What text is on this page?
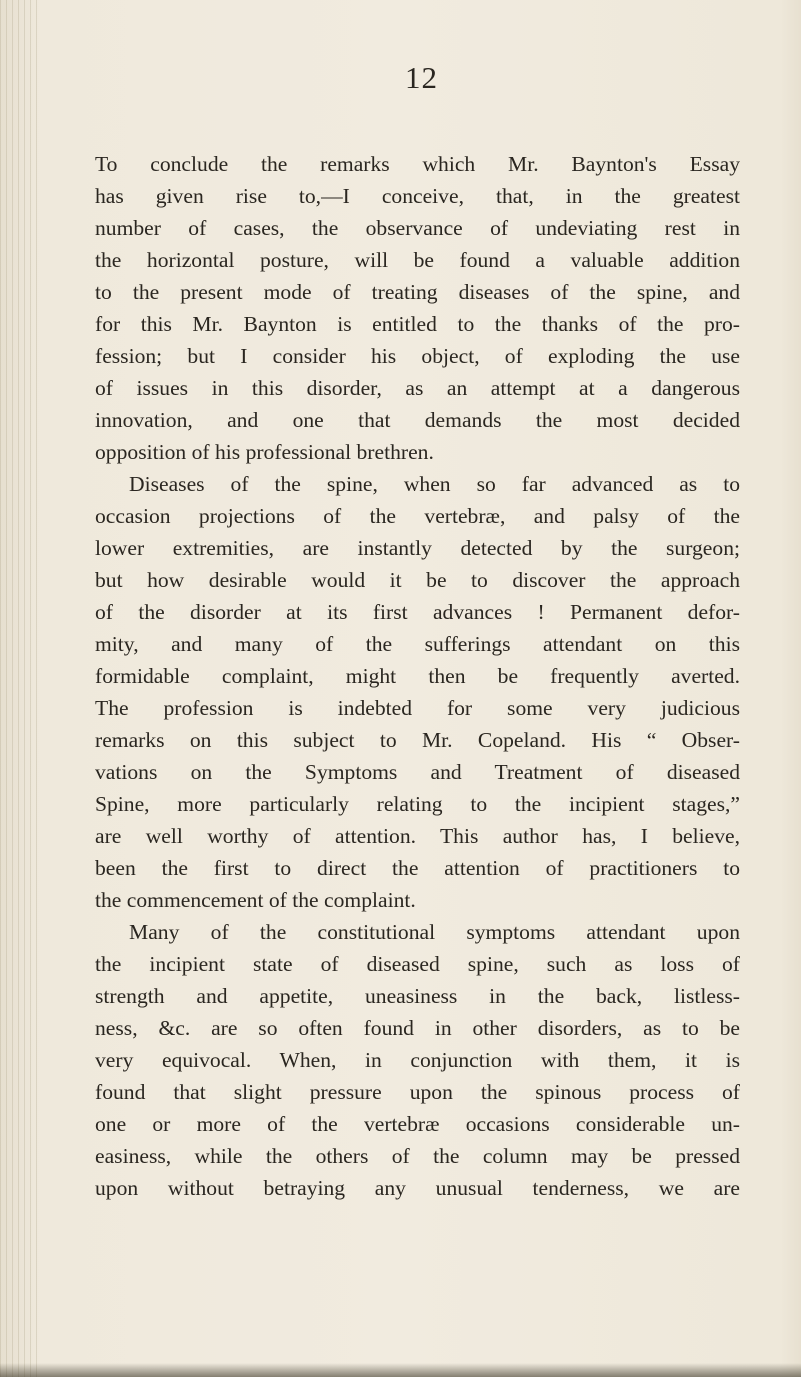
12

To conclude the remarks which Mr. Baynton's Essay
has given rise to,—I conceive, that, in the greatest
number of cases, the observance of undeviating rest in
the horizontal posture, will be found a valuable addition
to the present mode of treating diseases of the spine, and
for this Mr. Baynton is entitled to the thanks of the pro-
fession; but I consider his object, of exploding the use
of issues in this disorder, as an attempt at a dangerous
innovation, and one that demands the most decided
opposition of his professional brethren.

Diseases of the spine, when so far advanced as to
occasion projections of the vertebræ, and palsy of the
lower extremities, are instantly detected by the surgeon;
but how desirable would it be to discover the approach
of the disorder at its first advances ! Permanent defor-
mity, and many of the sufferings attendant on this
formidable complaint, might then be frequently averted.
The profession is indebted for some very judicious
remarks on this subject to Mr. Copeland. His “ Obser-
vations on the Symptoms and Treatment of diseased
Spine, more particularly relating to the incipient stages,”
are well worthy of attention. This author has, I believe,
been the first to direct the attention of practitioners to
the commencement of the complaint.

Many of the constitutional symptoms attendant upon
the incipient state of diseased spine, such as loss of
strength and appetite, uneasiness in the back, listless-
ness, &c. are so often found in other disorders, as to be
very equivocal. When, in conjunction with them, it is
found that slight pressure upon the spinous process of
one or more of the vertebræ occasions considerable un-
easiness, while the others of the column may be pressed
upon without betraying any unusual tenderness, we are
